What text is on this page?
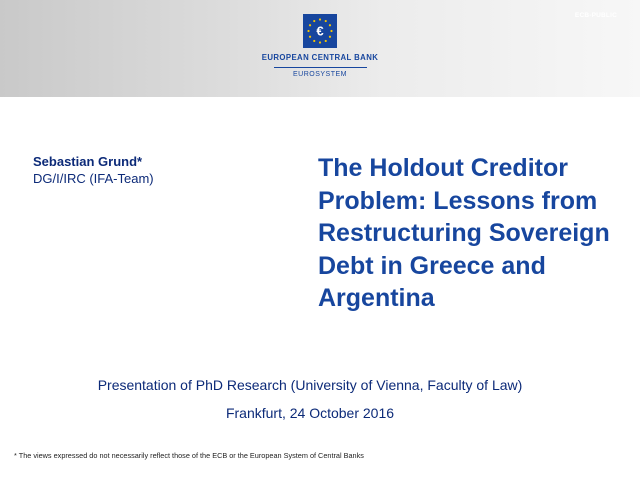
ECB-PUBLIC
€
EUROPEAN CENTRAL BANK
EUROSYSTEM
Sebastian Grund*
DG/I/IRC (IFA-Team)	The Holdout Creditor Problem: Lessons from Restructuring Sovereign Debt in Greece and Argentina
Presentation of PhD Research (University of Vienna, Faculty of Law)
Frankfurt, 24 October 2016
* The views expressed do not necessarily reflect those of the ECB or the European System of Central Banks
